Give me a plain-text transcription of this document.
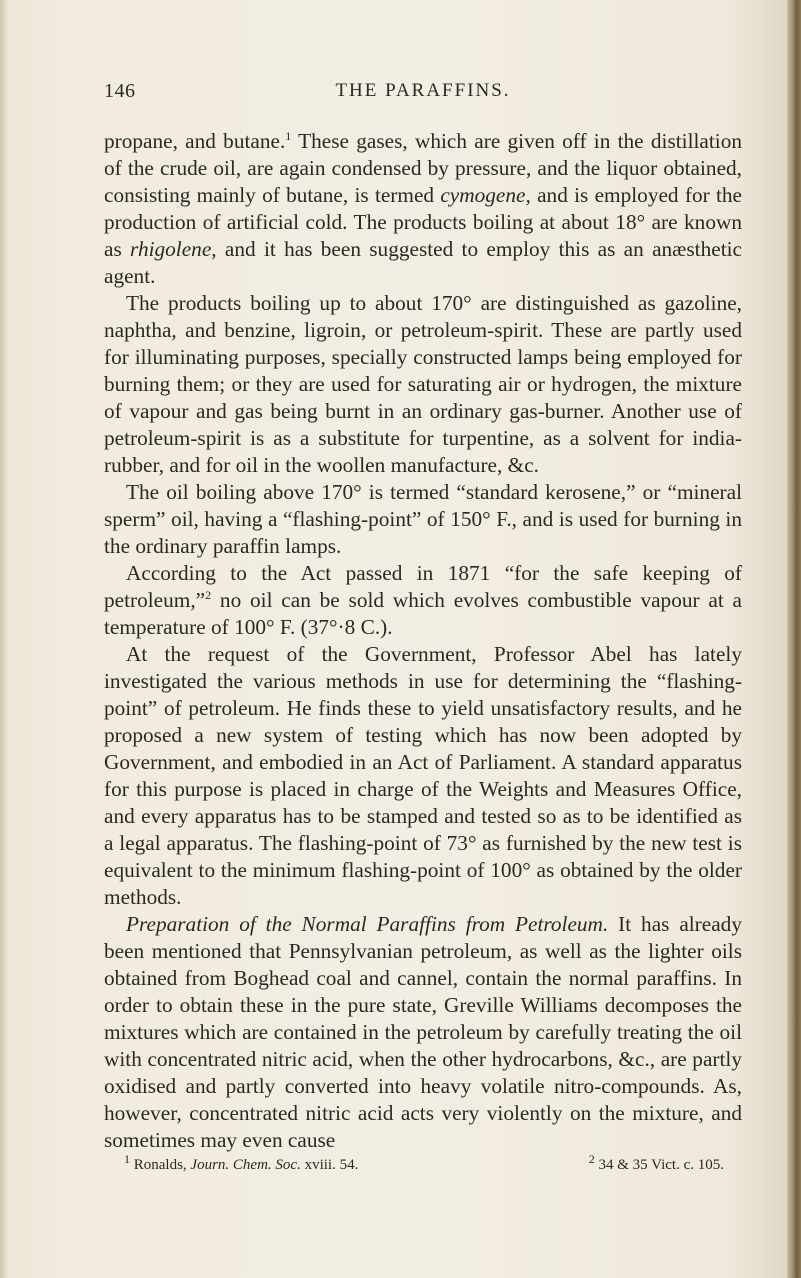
146	THE PARAFFINS.

propane, and butane.$^1$ These gases, which are given off in the distillation of the crude oil, are again condensed by pressure, and the liquor obtained, consisting mainly of butane, is termed cymogene, and is employed for the production of artificial cold. The products boiling at about 18° are known as rhigolene, and it has been suggested to employ this as an anæsthetic agent.

The products boiling up to about 170° are distinguished as gazoline, naphtha, and benzine, ligroin, or petroleum-spirit. These are partly used for illuminating purposes, specially constructed lamps being employed for burning them; or they are used for saturating air or hydrogen, the mixture of vapour and gas being burnt in an ordinary gas-burner. Another use of petroleum-spirit is as a substitute for turpentine, as a solvent for india-rubber, and for oil in the woollen manufacture, &c.

The oil boiling above 170° is termed “standard kerosene,” or “mineral sperm” oil, having a “flashing-point” of 150° F., and is used for burning in the ordinary paraffin lamps.

According to the Act passed in 1871 “for the safe keeping of petroleum,”$^2$ no oil can be sold which evolves combustible vapour at a temperature of 100° F. (37°·8 C.).

At the request of the Government, Professor Abel has lately investigated the various methods in use for determining the “flashing-point” of petroleum. He finds these to yield unsatisfactory results, and he proposed a new system of testing which has now been adopted by Government, and embodied in an Act of Parliament. A standard apparatus for this purpose is placed in charge of the Weights and Measures Office, and every apparatus has to be stamped and tested so as to be identified as a legal apparatus. The flashing-point of 73° as furnished by the new test is equivalent to the minimum flashing-point of 100° as obtained by the older methods.

Preparation of the Normal Paraffins from Petroleum. It has already been mentioned that Pennsylvanian petroleum, as well as the lighter oils obtained from Boghead coal and cannel, contain the normal paraffins. In order to obtain these in the pure state, Greville Williams decomposes the mixtures which are contained in the petroleum by carefully treating the oil with concentrated nitric acid, when the other hydrocarbons, &c., are partly oxidised and partly converted into heavy volatile nitro-compounds. As, however, concentrated nitric acid acts very violently on the mixture, and sometimes may even cause

$^1$ Ronalds, Journ. Chem. Soc. xviii. 54.	$^2$ 34 & 35 Vict. c. 105.
